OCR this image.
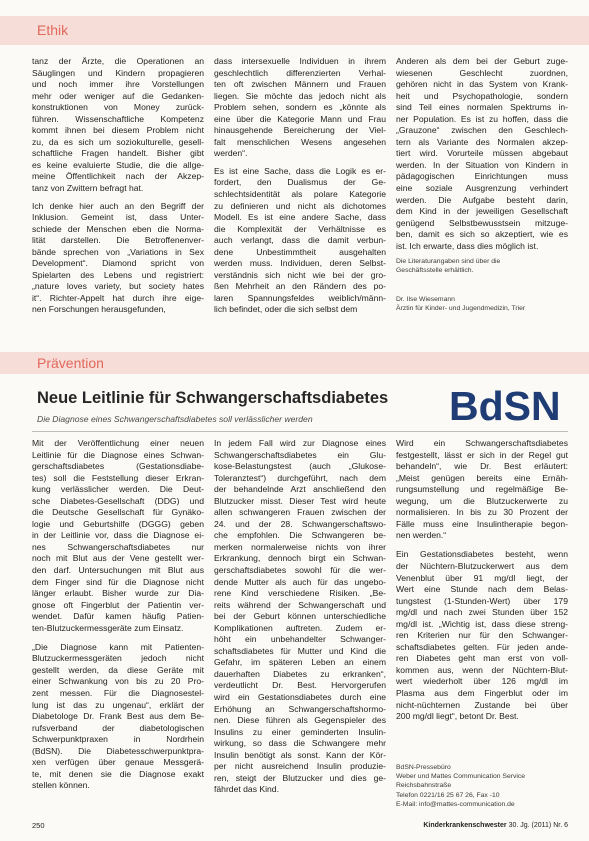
Ethik
tanz der Ärzte, die Operationen an
Säuglingen und Kindern propagieren
und noch immer ihre Vorstellungen
mehr oder weniger auf die Gedanken-
konstruktionen von Money zurück-
führen. Wissenschaftliche Kompetenz
kommt ihnen bei diesem Problem nicht
zu, da es sich um soziokulturelle, gesell-
schaftliche Fragen handelt. Bisher gibt
es keine evaluierte Studie, die die allge-
meine Öffentlichkeit nach der Akzep-
tanz von Zwittern befragt hat.
Ich denke hier auch an den Begriff der
Inklusion. Gemeint ist, dass Unter-
schiede der Menschen eben die Norma-
lität darstellen. Die Betroffenenver-
bände sprechen von „Variations in Sex
Development“. Diamond spricht von
Spielarten des Lebens und registriert:
„nature loves variety, but society hates
it“. Richter-Appelt hat durch ihre eige-
nen Forschungen herausgefunden,
dass intersexuelle Individuen in ihrem
geschlechtlich differenzierten Verhal-
ten oft zwischen Männern und Frauen
liegen. Sie möchte das jedoch nicht als
Problem sehen, sondern es „könnte als
eine über die Kategorie Mann und Frau
hinausgehende Bereicherung der Viel-
falt menschlichen Wesens angesehen
werden“.
Es ist eine Sache, dass die Logik es er-
fordert, den Dualismus der Ge-
schlechtsidentität als polare Kategorie
zu definieren und nicht als dichotomes
Modell. Es ist eine andere Sache, dass
die Komplexität der Verhältnisse es
auch verlangt, dass die damit verbun-
dene Unbestimmtheit ausgehalten
werden muss. Individuen, deren Selbst-
verständnis sich nicht wie bei der gro-
ßen Mehrheit an den Rändern des po-
laren Spannungsfeldes weiblich/männ-
lich befindet, oder die sich selbst dem
Anderen als dem bei der Geburt zuge-
wiesenen Geschlecht zuordnen,
gehören nicht in das System von Krank-
heit und Psychopathologie, sondern
sind Teil eines normalen Spektrums in-
ner Population. Es ist zu hoffen, dass die
„Grauzone“ zwischen den Geschlech-
tern als Variante des Normalen akzep-
tiert wird. Vorurteile müssen abgebaut
werden. In der Situation von Kindern in
pädagogischen Einrichtungen muss
eine soziale Ausgrenzung verhindert
werden. Die Aufgabe besteht darin,
dem Kind in der jeweiligen Gesellschaft
genügend Selbstbewusstsein mitzuge-
ben, damit es sich so akzeptiert, wie es
ist. Ich erwarte, dass dies möglich ist.
Die Literaturangaben sind über die
Geschäftsstelle erhältlich.
Dr. Ilse Wiesemann
Ärztin für Kinder- und Jugendmedizin, Trier
Prävention
Neue Leitlinie für Schwangerschaftsdiabetes
Die Diagnose eines Schwangerschaftsdiabetes soll verlässlicher werden	BdSN
Mit der Veröffentlichung einer neuen
Leitlinie für die Diagnose eines Schwan-
gerschaftsdiabetes (Gestationsdiabe-
tes) soll die Feststellung dieser Erkran-
kung verlässlicher werden. Die Deut-
sche Diabetes-Gesellschaft (DDG) und
die Deutsche Gesellschaft für Gynäko-
logie und Geburtshilfe (DGGG) geben
in der Leitlinie vor, dass die Diagnose ei-
nes Schwangerschaftsdiabetes nur
noch mit Blut aus der Vene gestellt wer-
den darf. Untersuchungen mit Blut aus
dem Finger sind für die Diagnose nicht
länger erlaubt. Bisher wurde zur Dia-
gnose oft Fingerblut der Patientin ver-
wendet. Dafür kamen häufig Patien-
ten-Blutzuckermessgeräte zum Einsatz.
„Die Diagnose kann mit Patienten-
Blutzuckermessgeräten jedoch nicht
gestellt werden, da diese Geräte mit
einer Schwankung von bis zu 20 Pro-
zent messen. Für die Diagnosestel-
lung ist das zu ungenau“, erklärt der
Diabetologe Dr. Frank Best aus dem Be-
rufsverband der diabetologischen
Schwerpunktpraxen in Nordrhein
(BdSN). Die Diabetesschwerpunktpra-
xen verfügen über genaue Messgerä-
te, mit denen sie die Diagnose exakt
stellen können.
In jedem Fall wird zur Diagnose eines
Schwangerschaftsdiabetes ein Glu-
kose-Belastungstest (auch „Glukose-
Toleranztest“) durchgeführt, nach dem
der behandelnde Arzt anschließend den
Blutzucker misst. Dieser Test wird heute
allen schwangeren Frauen zwischen der
24. und der 28. Schwangerschaftswo-
che empfohlen. Die Schwangeren be-
merken normalerweise nichts von ihrer
Erkrankung, dennoch birgt ein Schwan-
gerschaftsdiabetes sowohl für die wer-
dende Mutter als auch für das ungebo-
rene Kind verschiedene Risiken. „Be-
reits während der Schwangerschaft und
bei der Geburt können unterschiedliche
Komplikationen auftreten. Zudem er-
höht ein unbehandelter Schwanger-
schaftsdiabetes für Mutter und Kind die
Gefahr, im späteren Leben an einem
dauerhaften Diabetes zu erkranken“,
verdeutlicht Dr. Best. Hervorgerufen
wird ein Gestationsdiabetes durch eine
Erhöhung an Schwangerschaftshormo-
nen. Diese führen als Gegenspieler des
Insulins zu einer geminderten Insulin-
wirkung, so dass die Schwangere mehr
Insulin benötigt als sonst. Kann der Kör-
per nicht ausreichend Insulin produzie-
ren, steigt der Blutzucker und dies ge-
fährdet das Kind.
Wird ein Schwangerschaftsdiabetes
festgestellt, lässt er sich in der Regel gut
behandeln“, wie Dr. Best erläutert:
„Meist genügen bereits eine Ernäh-
rungsumstellung und regelmäßige Be-
wegung, um die Blutzuckerwerte zu
normalisieren. In bis zu 30 Prozent der
Fälle muss eine Insulintherapie begon-
nen werden.“
Ein Gestationsdiabetes besteht, wenn
der Nüchtern-Blutzuckerwert aus dem
Venenblut über 91 mg/dl liegt, der
Wert eine Stunde nach dem Belas-
tungstest (1-Stunden-Wert) über 179
mg/dl und nach zwei Stunden über 152
mg/dl ist. „Wichtig ist, dass diese streng-
ren Kriterien nur für den Schwanger-
schaftsdiabetes gelten. Für jeden ande-
ren Diabetes geht man erst von voll-
kommen aus, wenn der Nüchtern-Blut-
wert wiederholt über 126 mg/dl im
Plasma aus dem Fingerblut oder im
nicht-nüchternen Zustande bei über
200 mg/dl liegt“, betont Dr. Best.
BdSN-Pressebüro
Weber und Mattes Communication Service
Reichsbahnstraße
Telefon 0221/16 25 67 26, Fax -10
E-Mail: info@mattes-communication.de
250	Kinderkrankenschwester 30. Jg. (2011) Nr. 6
